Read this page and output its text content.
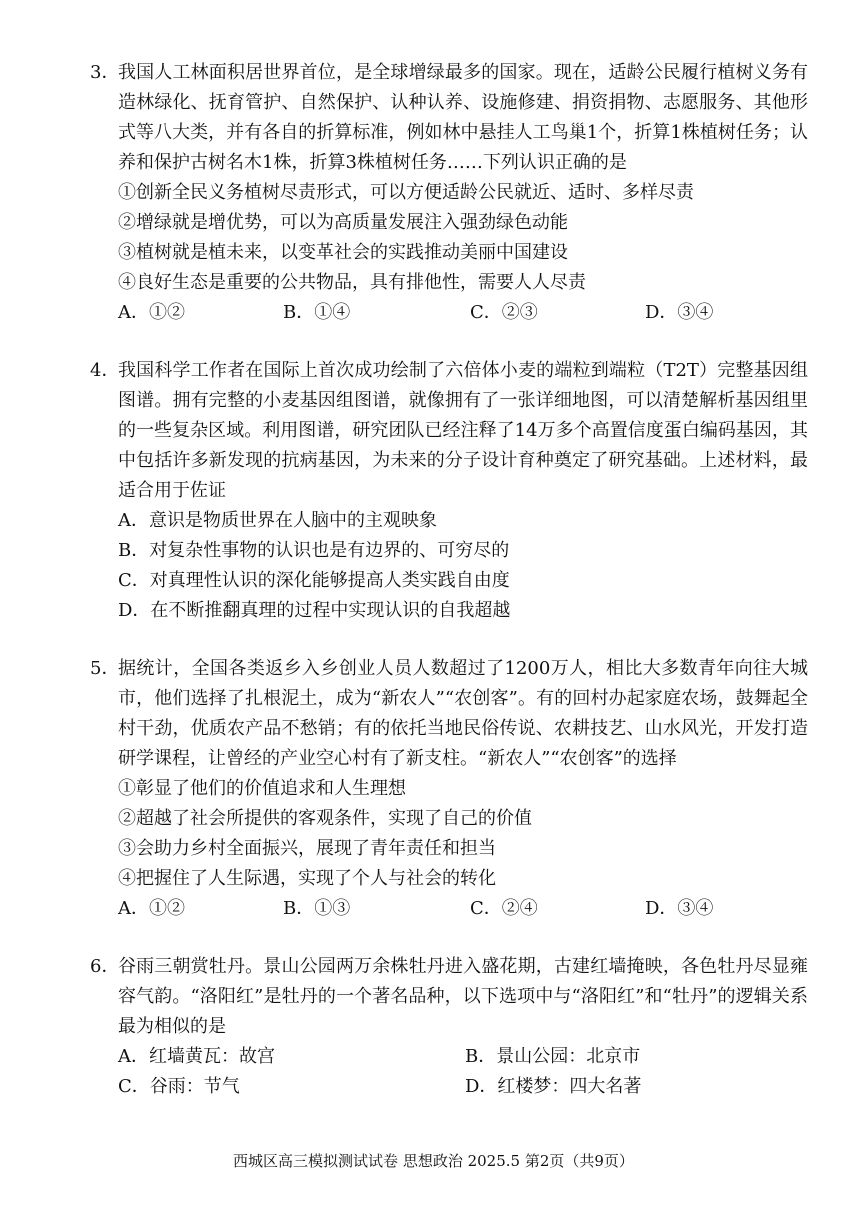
3．
我国人工林面积居世界首位，是全球增绿最多的国家。现在，适龄公民履行植树义务有造林绿化、抚育管护、自然保护、认种认养、设施修建、捐资捐物、志愿服务、其他形式等八大类，并有各自的折算标准，例如林中悬挂人工鸟巢1个，折算1株植树任务；认养和保护古树名木1株，折算3株植树任务……下列认识正确的是
①创新全民义务植树尽责形式，可以方便适龄公民就近、适时、多样尽责
②增绿就是增优势，可以为高质量发展注入强劲绿色动能
③植树就是植未来，以变革社会的实践推动美丽中国建设
④良好生态是重要的公共物品，具有排他性，需要人人尽责
A．①②	B．①④	C．②③	D．③④
4．
我国科学工作者在国际上首次成功绘制了六倍体小麦的端粒到端粒（T2T）完整基因组图谱。拥有完整的小麦基因组图谱，就像拥有了一张详细地图，可以清楚解析基因组里的一些复杂区域。利用图谱，研究团队已经注释了14万多个高置信度蛋白编码基因，其中包括许多新发现的抗病基因，为未来的分子设计育种奠定了研究基础。上述材料，最适合用于佐证
A．意识是物质世界在人脑中的主观映象
B．对复杂性事物的认识也是有边界的、可穷尽的
C．对真理性认识的深化能够提高人类实践自由度
D．在不断推翻真理的过程中实现认识的自我超越
5．
据统计，全国各类返乡入乡创业人员人数超过了1200万人，相比大多数青年向往大城市，他们选择了扎根泥土，成为“新农人”“农创客”。有的回村办起家庭农场，鼓舞起全村干劲，优质农产品不愁销；有的依托当地民俗传说、农耕技艺、山水风光，开发打造研学课程，让曾经的产业空心村有了新支柱。“新农人”“农创客”的选择
①彰显了他们的价值追求和人生理想
②超越了社会所提供的客观条件，实现了自己的价值
③会助力乡村全面振兴，展现了青年责任和担当
④把握住了人生际遇，实现了个人与社会的转化
A．①②	B．①③	C．②④	D．③④
6．
谷雨三朝赏牡丹。景山公园两万余株牡丹进入盛花期，古建红墙掩映，各色牡丹尽显雍容气韵。“洛阳红”是牡丹的一个著名品种，以下选项中与“洛阳红”和“牡丹”的逻辑关系最为相似的是
A．红墙黄瓦：故宫	B．景山公园：北京市
C．谷雨：节气	D．红楼梦：四大名著
西城区高三模拟测试试卷 思想政治 2025.5 第2页（共9页）
